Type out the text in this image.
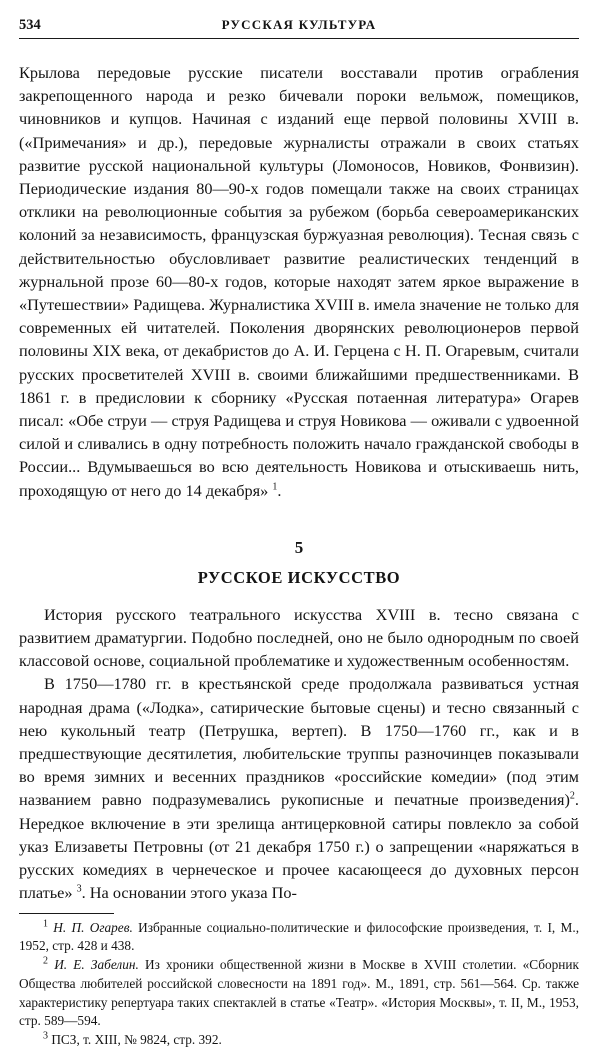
534	РУССКАЯ КУЛЬТУРА

Крылова передовые русские писатели восставали против ограбления закрепощенного народа и резко бичевали пороки вельмож, помещиков, чиновников и купцов. Начиная с изданий еще первой половины XVIII в. («Примечания» и др.), передовые журналисты отражали в своих статьях развитие русской национальной культуры (Ломоносов, Новиков, Фонвизин). Периодические издания 80—90-х годов помещали также на своих страницах отклики на революционные события за рубежом (борьба североамериканских колоний за независимость, французская буржуазная революция). Тесная связь с действительностью обусловливает развитие реалистических тенденций в журнальной прозе 60—80-х годов, которые находят затем яркое выражение в «Путешествии» Радищева. Журналистика XVIII в. имела значение не только для современных ей читателей. Поколения дворянских революционеров первой половины XIX века, от декабристов до А. И. Герцена с Н. П. Огаревым, считали русских просветителей XVIII в. своими ближайшими предшественниками. В 1861 г. в предисловии к сборнику «Русская потаенная литература» Огарев писал: «Обе струи — струя Радищева и струя Новикова — оживали с удвоенной силой и сливались в одну потребность положить начало гражданской свободы в России... Вдумываешься во всю деятельность Новикова и отыскиваешь нить, проходящую от него до 14 декабря» $^1$.

5
РУССКОЕ ИСКУССТВО

История русского театрального искусства XVIII в. тесно связана с развитием драматургии. Подобно последней, оно не было однородным по своей классовой основе, социальной проблематике и художественным особенностям.

В 1750—1780 гг. в крестьянской среде продолжала развиваться устная народная драма («Лодка», сатирические бытовые сцены) и тесно связанный с нею кукольный театр (Петрушка, вертеп). В 1750—1760 гг., как и в предшествующие десятилетия, любительские труппы разночинцев показывали во время зимних и весенних праздников «российские комедии» (под этим названием равно подразумевались рукописные и печатные произведения)$^2$. Нередкое включение в эти зрелища антицерковной сатиры повлекло за собой указ Елизаветы Петровны (от 21 декабря 1750 г.) о запрещении «наряжаться в русских комедиях в чернеческое и прочее касающееся до духовных персон платье» $^3$. На основании этого указа По-

$^1$ Н. П. Огарев. Избранные социально-политические и философские произведения, т. I, М., 1952, стр. 428 и 438.

$^2$ И. Е. Забелин. Из хроники общественной жизни в Москве в XVIII столетии. «Сборник Общества любителей российской словесности на 1891 год». М., 1891, стр. 561—564. Ср. также характеристику репертуара таких спектаклей в статье «Театр». «История Москвы», т. II, М., 1953, стр. 589—594.

$^3$ ПСЗ, т. XIII, № 9824, стр. 392.
